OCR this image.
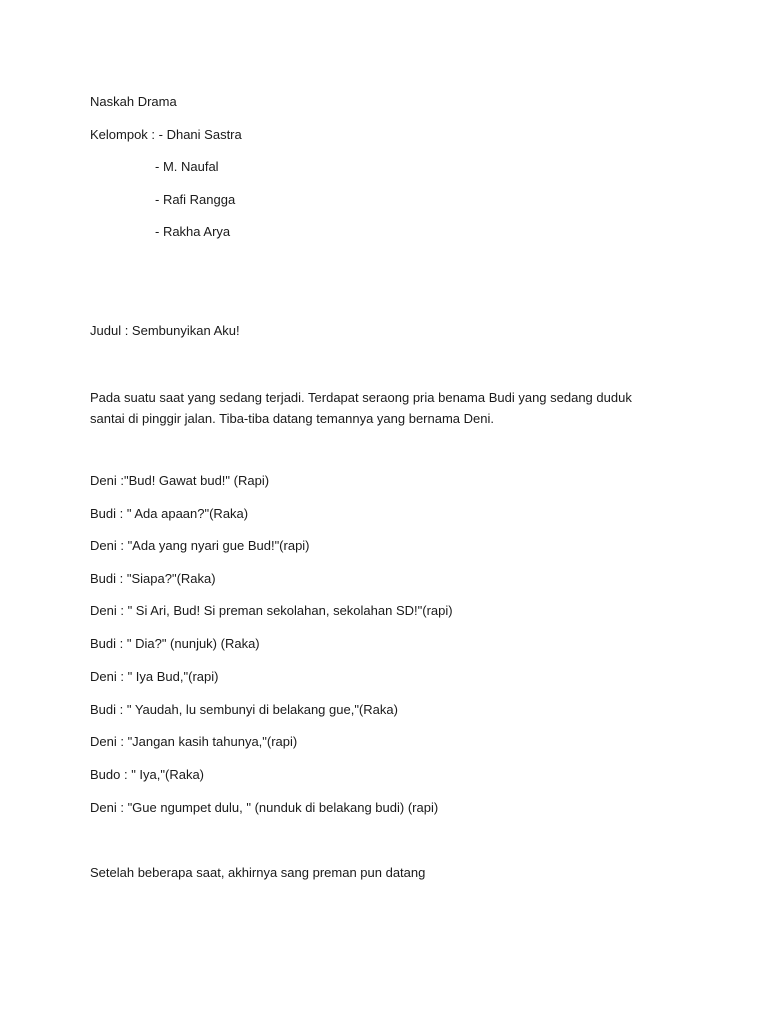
Naskah Drama

Kelompok : - Dhani Sastra

- M. Naufal

- Rafi Rangga

- Rakha Arya

Judul : Sembunyikan Aku!

Pada suatu saat yang sedang terjadi. Terdapat seraong pria benama Budi yang sedang duduk santai di pinggir jalan. Tiba-tiba datang temannya yang bernama Deni.

Deni :"Bud! Gawat bud!" (Rapi)

Budi : " Ada apaan?"(Raka)

Deni : "Ada yang nyari gue Bud!"(rapi)

Budi : "Siapa?"(Raka)

Deni : " Si Ari, Bud! Si preman sekolahan, sekolahan SD!"(rapi)

Budi : " Dia?" (nunjuk) (Raka)

Deni : " Iya Bud,"(rapi)

Budi : " Yaudah, lu sembunyi di belakang gue,"(Raka)

Deni : "Jangan kasih tahunya,"(rapi)

Budo : " Iya,"(Raka)

Deni : "Gue ngumpet dulu, " (nunduk di belakang budi) (rapi)

Setelah beberapa saat, akhirnya sang preman pun datang
